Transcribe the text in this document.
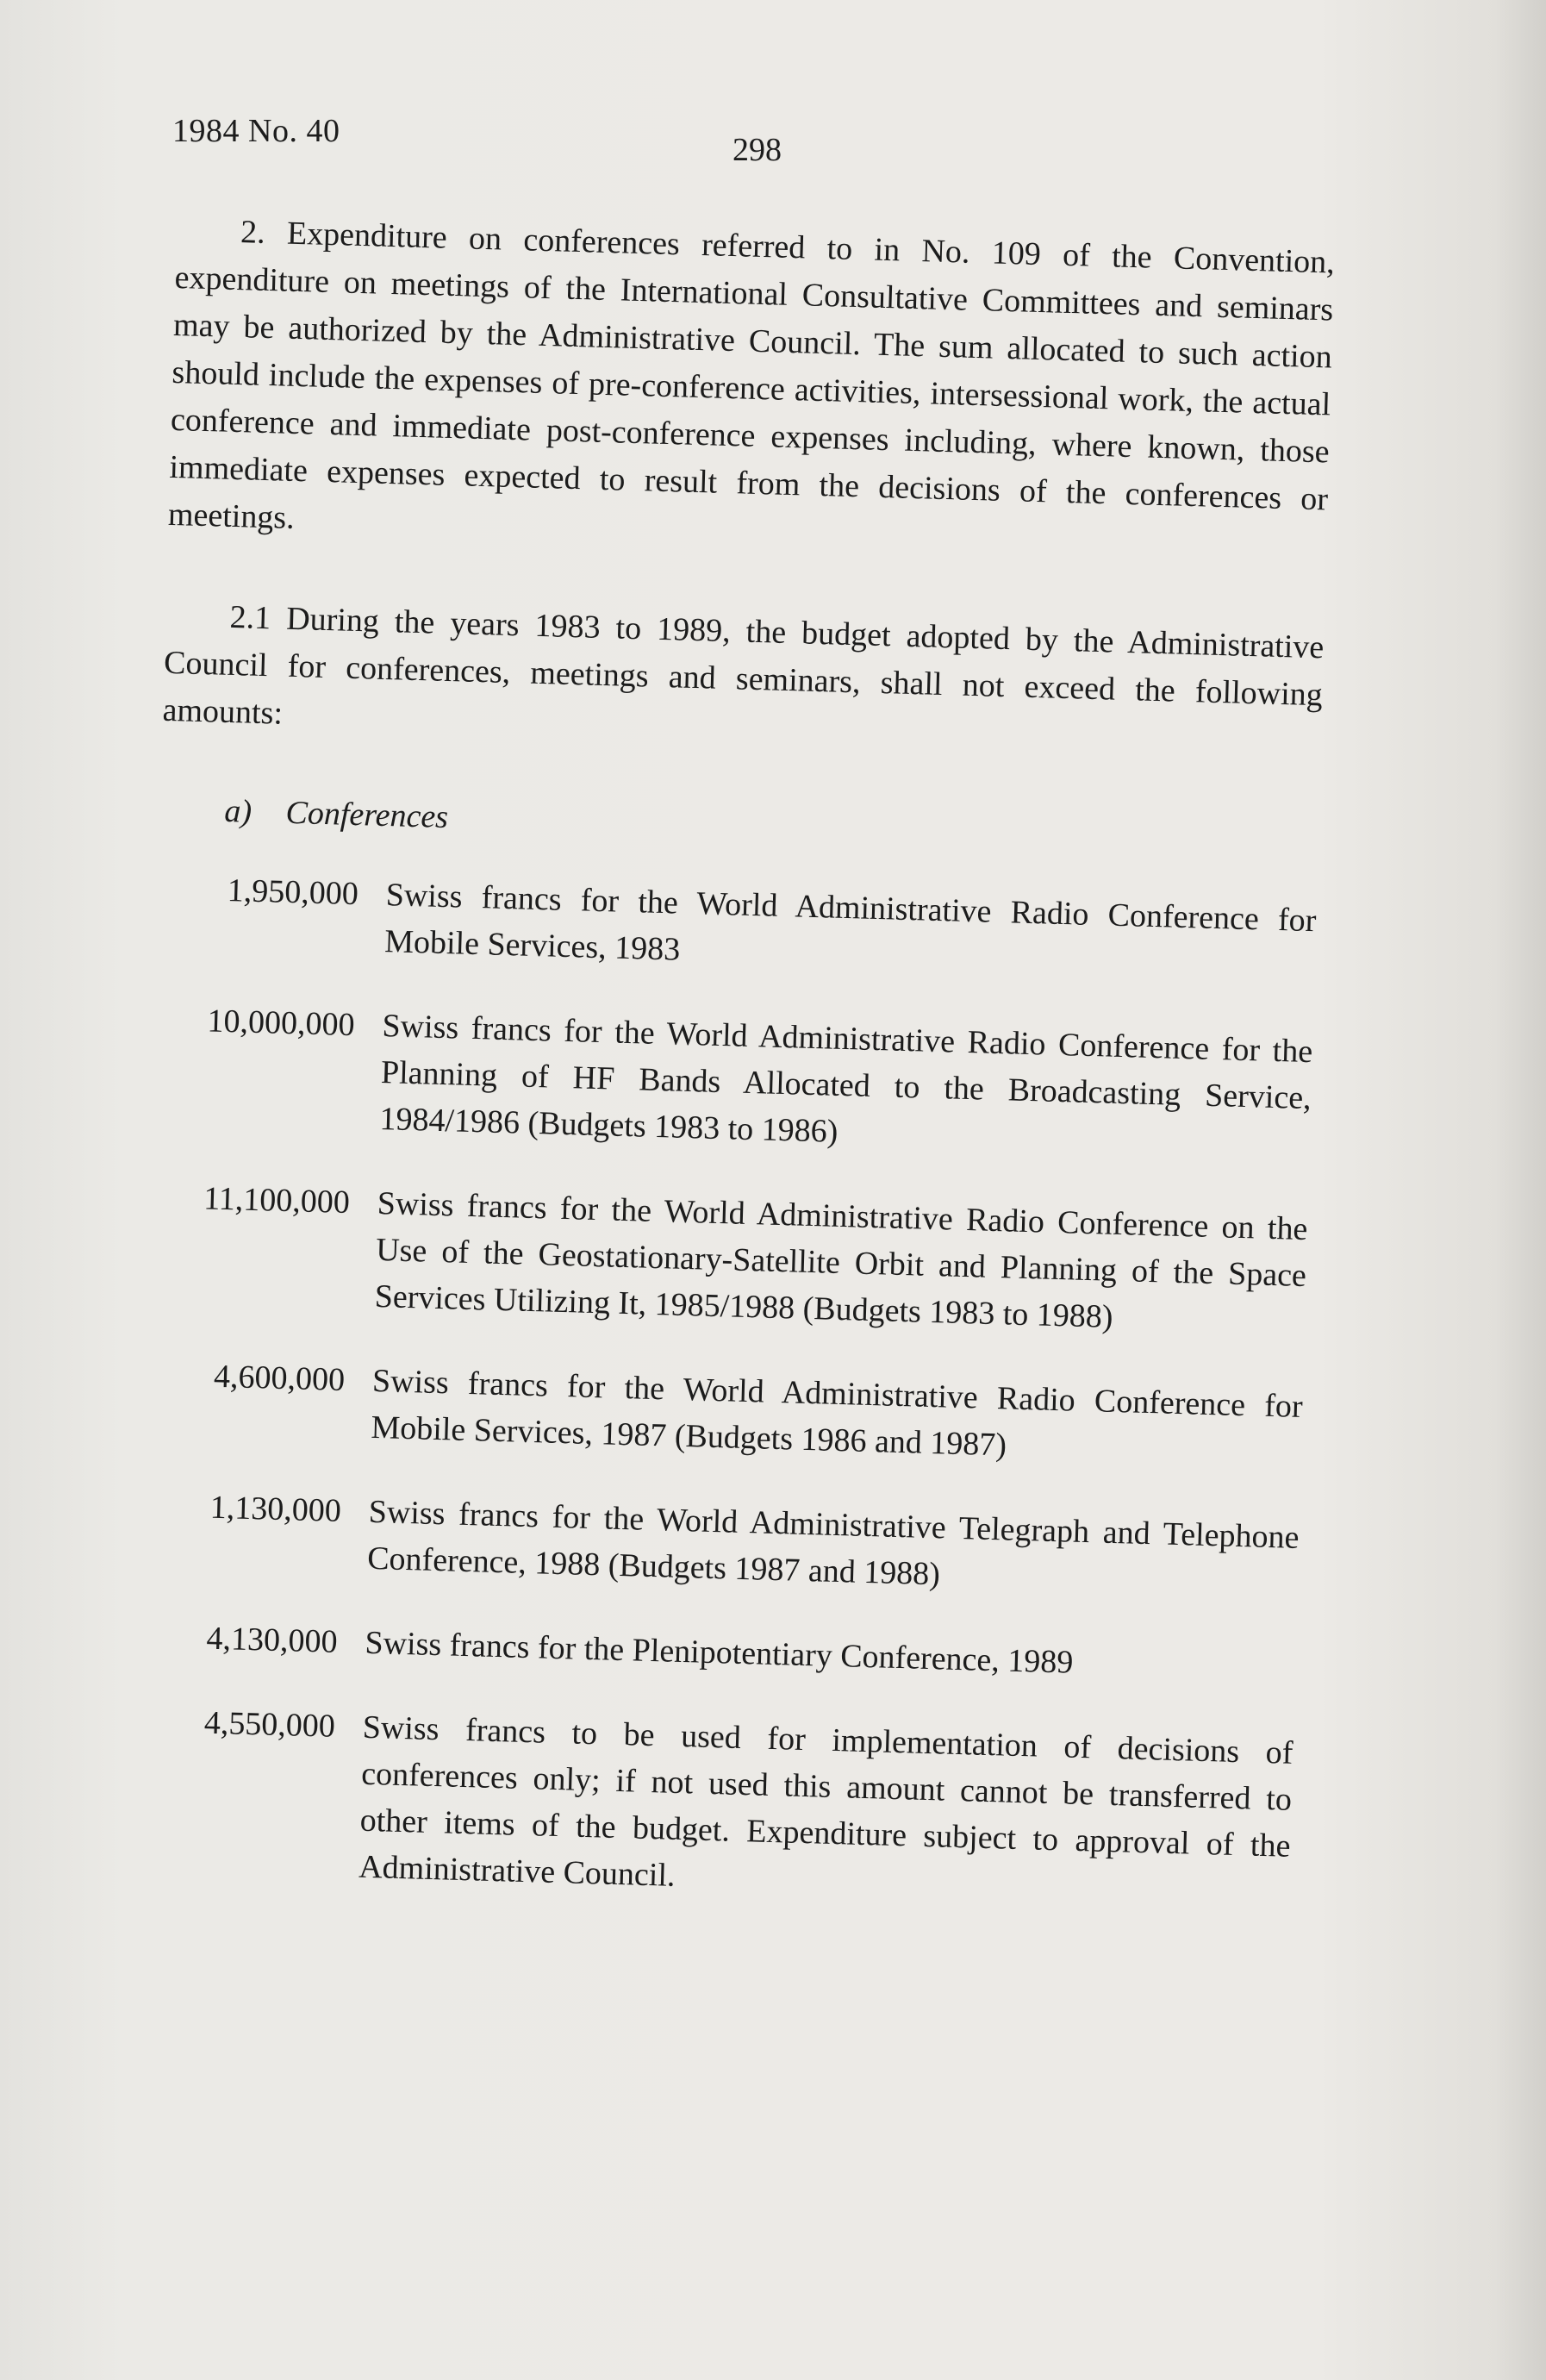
1984 No. 40
298

2. Expenditure on conferences referred to in No. 109 of the Convention, expenditure on meetings of the International Consultative Committees and seminars may be authorized by the Administrative Council. The sum allocated to such action should include the expenses of pre-conference activities, intersessional work, the actual conference and immediate post-conference expenses including, where known, those immediate expenses expected to result from the decisions of the conferences or meetings.

2.1 During the years 1983 to 1989, the budget adopted by the Administrative Council for conferences, meetings and seminars, shall not exceed the following amounts:

a) Conferences
1,950,000 Swiss francs for the World Administrative Radio Conference for Mobile Services, 1983
10,000,000 Swiss francs for the World Administrative Radio Conference for the Planning of HF Bands Allocated to the Broadcasting Service, 1984/1986 (Budgets 1983 to 1986)
11,100,000 Swiss francs for the World Administrative Radio Conference on the Use of the Geostationary-Satellite Orbit and Planning of the Space Services Utilizing It, 1985/1988 (Budgets 1983 to 1988)
4,600,000 Swiss francs for the World Administrative Radio Conference for Mobile Services, 1987 (Budgets 1986 and 1987)
1,130,000 Swiss francs for the World Administrative Telegraph and Telephone Conference, 1988 (Budgets 1987 and 1988)
4,130,000 Swiss francs for the Plenipotentiary Conference, 1989
4,550,000 Swiss francs to be used for implementation of decisions of conferences only; if not used this amount cannot be transferred to other items of the budget. Expenditure subject to approval of the Administrative Council.
